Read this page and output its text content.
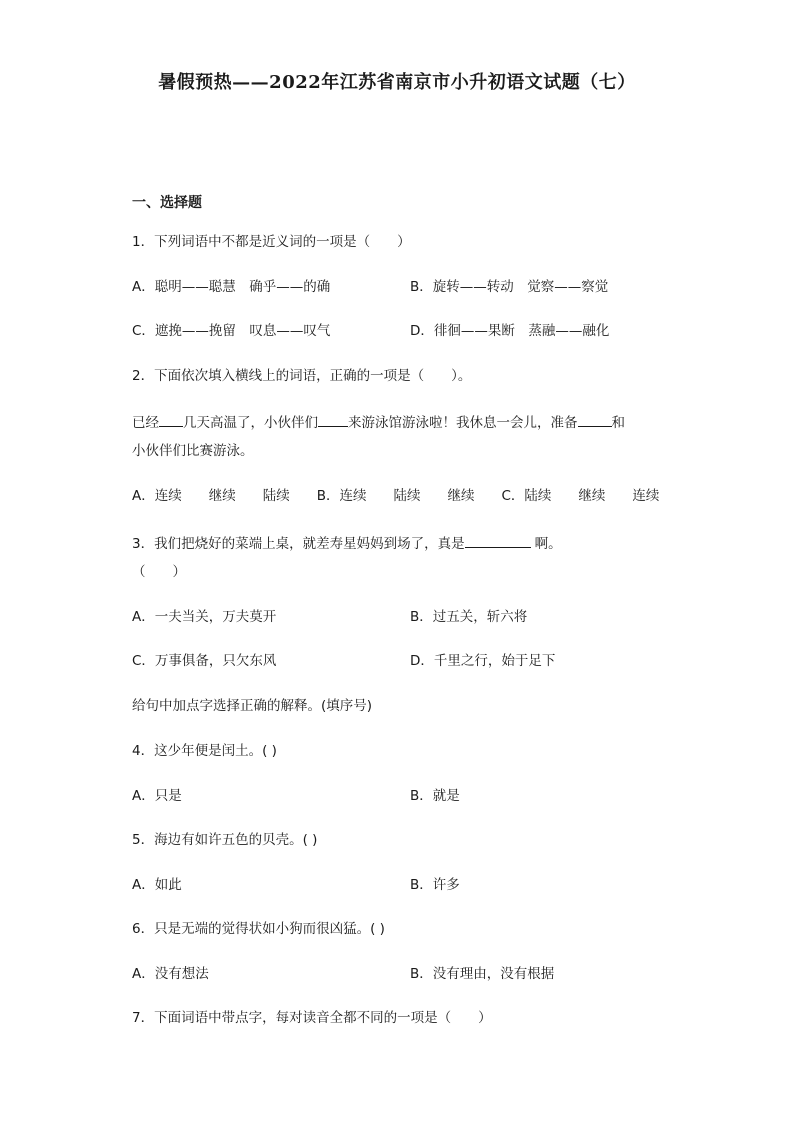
暑假预热——2022年江苏省南京市小升初语文试题（七）
一、选择题
1．下列词语中不都是近义词的一项是（　　）
A．聪明——聪慧　确乎——的确	B．旋转——转动　觉察——察觉
C．遮挽——挽留　叹息——叹气	D．徘徊——果断　蒸融——融化
2．下面依次填入横线上的词语，正确的一项是（　　）。
已经 几天高温了，小伙伴们 来游泳馆游泳啦！我休息一会儿，准备	和
小伙伴们比赛游泳。
A．连续　　继续　　陆续　　B．连续　　陆续　　继续　　C．陆续　　继续　　连续
3．我们把烧好的菜端上桌，就差寿星妈妈到场了，真是	啊。
（　　）
A．一夫当关，万夫莫开	B．过五关，斩六将
C．万事俱备，只欠东风	D．千里之行，始于足下
给句中加点字选择正确的解释。(填序号)
4．这少年便是闰土。( )
A．只是	B．就是
5．海边有如许五色的贝壳。( )
A．如此	B．许多
6．只是无端的觉得状如小狗而很凶猛。( )
A．没有想法	B．没有理由，没有根据
7．下面词语中带点字，每对读音全都不同的一项是（　　）
